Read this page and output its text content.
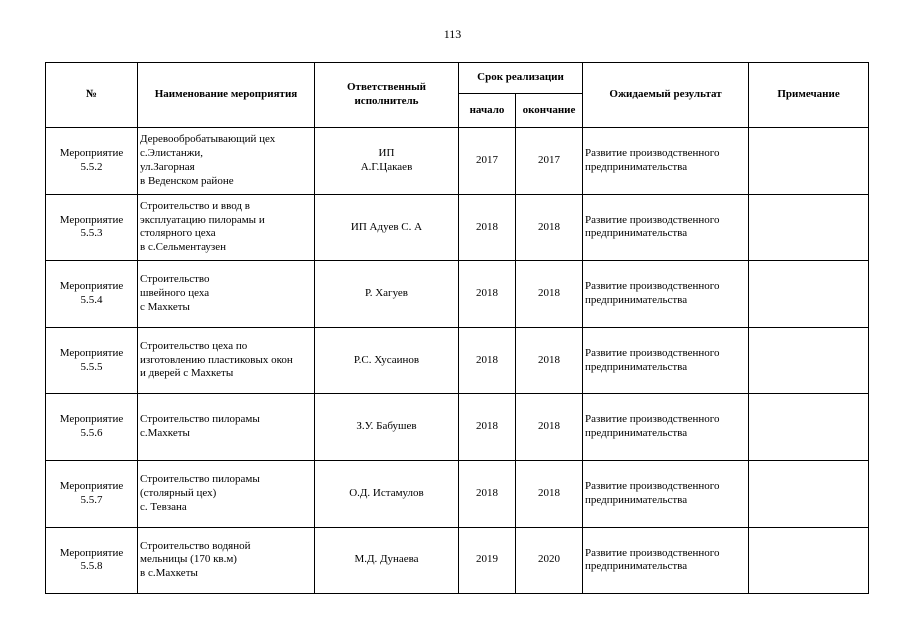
113
№	Наименование мероприятия	Ответственный исполнитель	Срок реализации		Ожидаемый результат	Примечание
			начало	окончание		

Мероприятие
5.5.2	Деревообробатывающий цех
с.Элистанжи,
ул.Загорная
в Веденском районе	ИП
А.Г.Цакаев	2017	2017	Развитие производственного
предпринимательства	

Мероприятие
5.5.3	Строительство и ввод в
эксплуатацию пилорамы и
столярного цеха
в с.Сельментаузен	ИП Адуев С. А	2018	2018	Развитие производственного
предпринимательства	

Мероприятие
5.5.4	Строительство
швейного цеха
с Махкеты	Р. Хагуев	2018	2018	Развитие производственного
предпринимательства	

Мероприятие
5.5.5	Строительство цеха по
изготовлению пластиковых окон
и дверей с Махкеты	Р.С. Хусаинов	2018	2018	Развитие производственного
предпринимательства	

Мероприятие
5.5.6	Строительство пилорамы
с.Махкеты	З.У. Бабушев	2018	2018	Развитие производственного
предпринимательства	

Мероприятие
5.5.7	Строительство пилорамы
(столярный цех)
с. Тевзана	О.Д. Истамулов	2018	2018	Развитие производственного
предпринимательства	

Мероприятие
5.5.8	Строительство водяной
мельницы (170 кв.м)
в с.Махкеты	М.Д. Дунаева	2019	2020	Развитие производственного
предпринимательства	
